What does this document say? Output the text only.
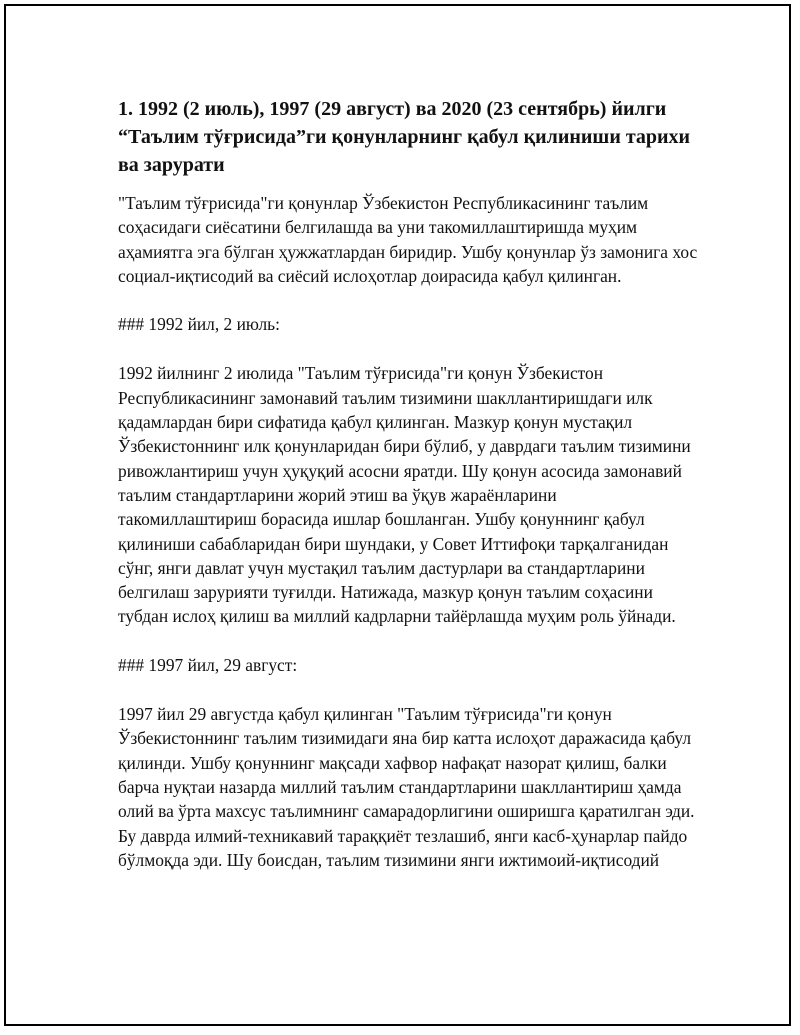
1. 1992 (2 июль), 1997 (29 август) ва 2020 (23 сентябрь) йилги “Таълим тўғрисида”ги қонунларнинг қабул қилиниши тарихи ва зарурати

"Таълим тўғрисида"ги қонунлар Ўзбекистон Республикасининг таълим соҳасидаги сиёсатини белгилашда ва уни такомиллаштиришда муҳим аҳамиятга эга бўлган ҳужжатлардан биридир. Ушбу қонунлар ўз замонига хос социал-иқтисодий ва сиёсий ислоҳотлар доирасида қабул қилинган.

### 1992 йил, 2 июль:

1992 йилнинг 2 июлида "Таълим тўғрисида"ги қонун Ўзбекистон Республикасининг замонавий таълим тизимини шакллантиришдаги илк қадамлардан бири сифатида қабул қилинган. Мазкур қонун мустақил Ўзбекистоннинг илк қонунларидан бири бўлиб, у даврдаги таълим тизимини ривожлантириш учун ҳуқуқий асосни яратди. Шу қонун асосида замонавий таълим стандартларини жорий этиш ва ўқув жараёнларини такомиллаштириш борасида ишлар бошланган. Ушбу қонуннинг қабул қилиниши сабабларидан бири шундаки, у Совет Иттифоқи тарқалганидан сўнг, янги давлат учун мустақил таълим дастурлари ва стандартларини белгилаш зарурияти туғилди. Натижада, мазкур қонун таълим соҳасини тубдан ислоҳ қилиш ва миллий кадрларни тайёрлашда муҳим роль ўйнади.

### 1997 йил, 29 август:

1997 йил 29 августда қабул қилинган "Таълим тўғрисида"ги қонун Ўзбекистоннинг таълим тизимидаги яна бир катта ислоҳот даражасида қабул қилинди. Ушбу қонуннинг мақсади хафвор нафақат назорат қилиш, балки барча нуқтаи назарда миллий таълим стандартларини шакллантириш ҳамда олий ва ўрта махсус таълимнинг самарадорлигини оширишга қаратилган эди. Бу даврда илмий-техникавий тараққиёт тезлашиб, янги касб-ҳунарлар пайдо бўлмоқда эди. Шу боисдан, таълим тизимини янги ижтимоий-иқтисодий
